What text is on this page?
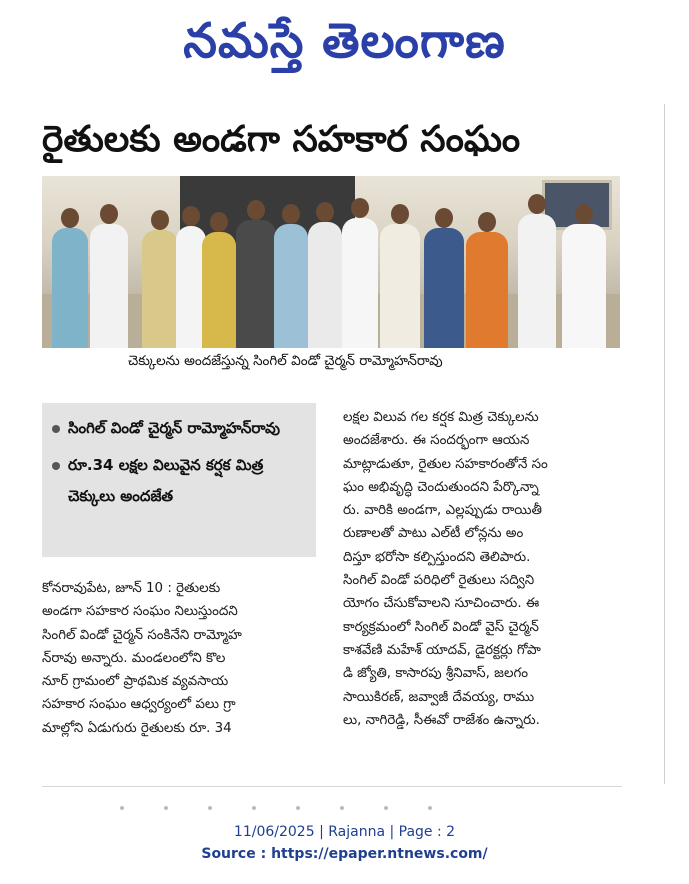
నమస్తే తెలంగాణ
రైతులకు అండగా సహకార సంఘం
చెక్కులను అందజేస్తున్న సింగిల్ విండో చైర్మన్ రామ్మోహన్‌రావు
సింగిల్ విండో చైర్మన్ రామ్మోహన్‌రావు
రూ.34 లక్షల విలువైన కర్షక మిత్ర చెక్కులు అందజేత
కోనరావుపేట, జూన్ 10 : రైతులకు
అండగా సహకార సంఘం నిలుస్తుందని
సింగిల్ విండో చైర్మన్ సంకినేని రామ్మోహ
న్‌రావు అన్నారు. మండలంలోని కొల
నూర్ గ్రామంలో ప్రాథమిక వ్యవసాయ
సహకార సంఘం ఆధ్వర్యంలో పలు గ్రా
మాల్లోని ఏడుగురు రైతులకు రూ. 34
లక్షల విలువ గల కర్షక మిత్ర చెక్కులను
అందజేశారు. ఈ సందర్భంగా ఆయన
మాట్లాడుతూ, రైతుల సహకారంతోనే సం
ఘం అభివృద్ధి చెందుతుందని పేర్కొన్నా
రు. వారికి అండగా, ఎల్లప్పుడు రాయితీ
రుణాలతో పాటు ఎల్‌టీ లోన్లను అం
దిస్తూ భరోసా కల్పిస్తుందని తెలిపారు.
సింగిల్ విండో పరిధిలో రైతులు సద్విని
యోగం చేసుకోవాలని సూచించారు. ఈ
కార్యక్రమంలో సింగిల్ విండో వైస్ చైర్మన్
కాశవేణి మహేశ్ యాదవ్, డైరక్టర్లు గోపా
డి జ్యోతి, కాసారపు శ్రీనివాస్, జలగం
సాయికిరణ్, జవ్వాజీ దేవయ్య, రాము
లు, నాగిరెడ్డి, సీఈవో రాజేశం ఉన్నారు.
11/06/2025 | Rajanna | Page : 2
Source : https://epaper.ntnews.com/
